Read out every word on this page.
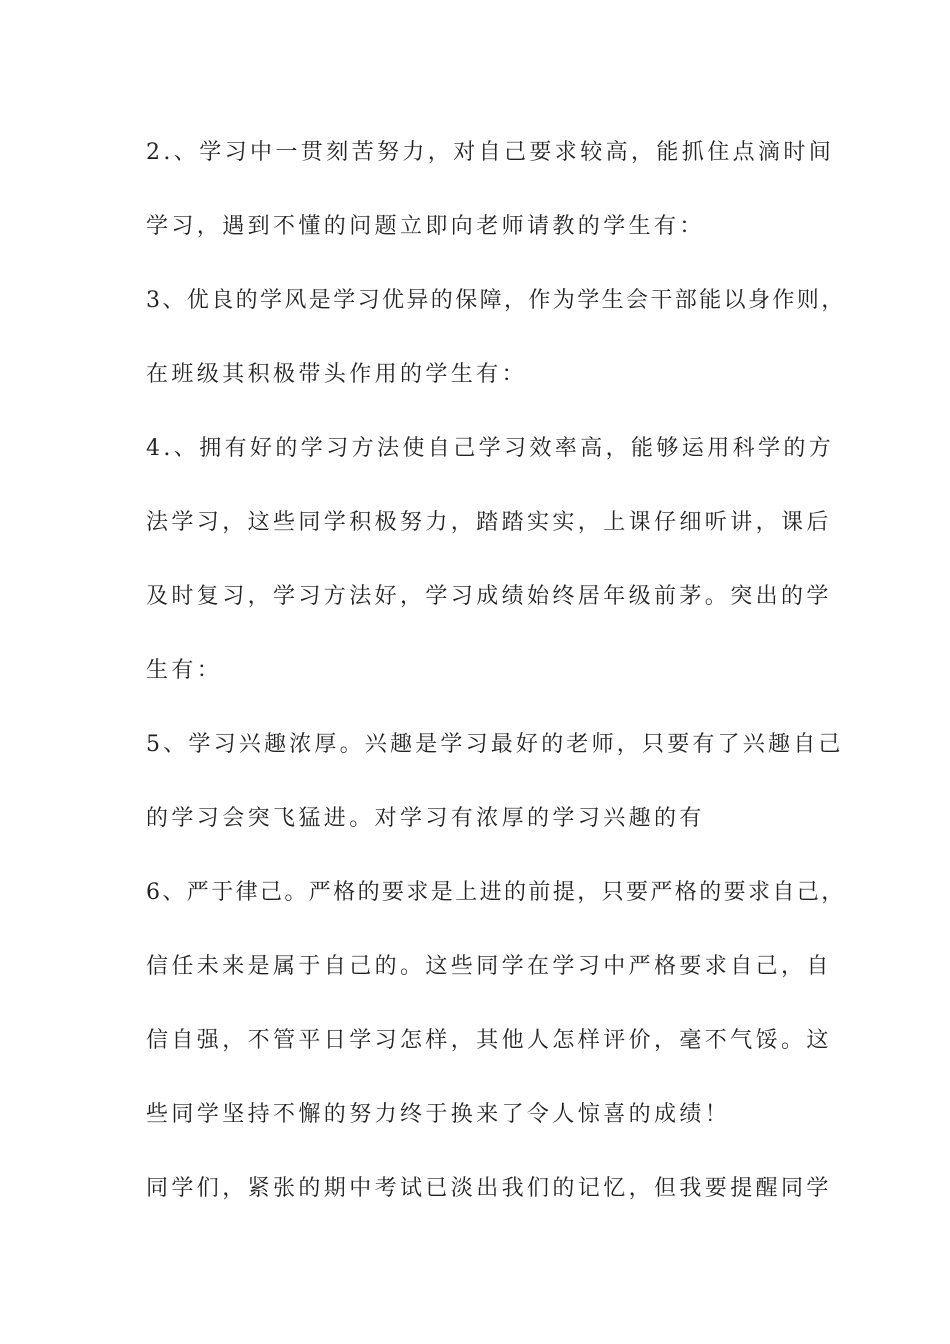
2.、学习中一贯刻苦努力，对自己要求较高，能抓住点滴时间
学习，遇到不懂的问题立即向老师请教的学生有：
3、优良的学风是学习优异的保障，作为学生会干部能以身作则，
在班级其积极带头作用的学生有：
4.、拥有好的学习方法使自己学习效率高，能够运用科学的方
法学习，这些同学积极努力，踏踏实实，上课仔细听讲，课后
及时复习，学习方法好，学习成绩始终居年级前茅。突出的学
生有：
5、学习兴趣浓厚。兴趣是学习最好的老师，只要有了兴趣自己
的学习会突飞猛进。对学习有浓厚的学习兴趣的有
6、严于律己。严格的要求是上进的前提，只要严格的要求自己，
信任未来是属于自己的。这些同学在学习中严格要求自己，自
信自强，不管平日学习怎样，其他人怎样评价，毫不气馁。这
些同学坚持不懈的努力终于换来了令人惊喜的成绩！
同学们，紧张的期中考试已淡出我们的记忆，但我要提醒同学
